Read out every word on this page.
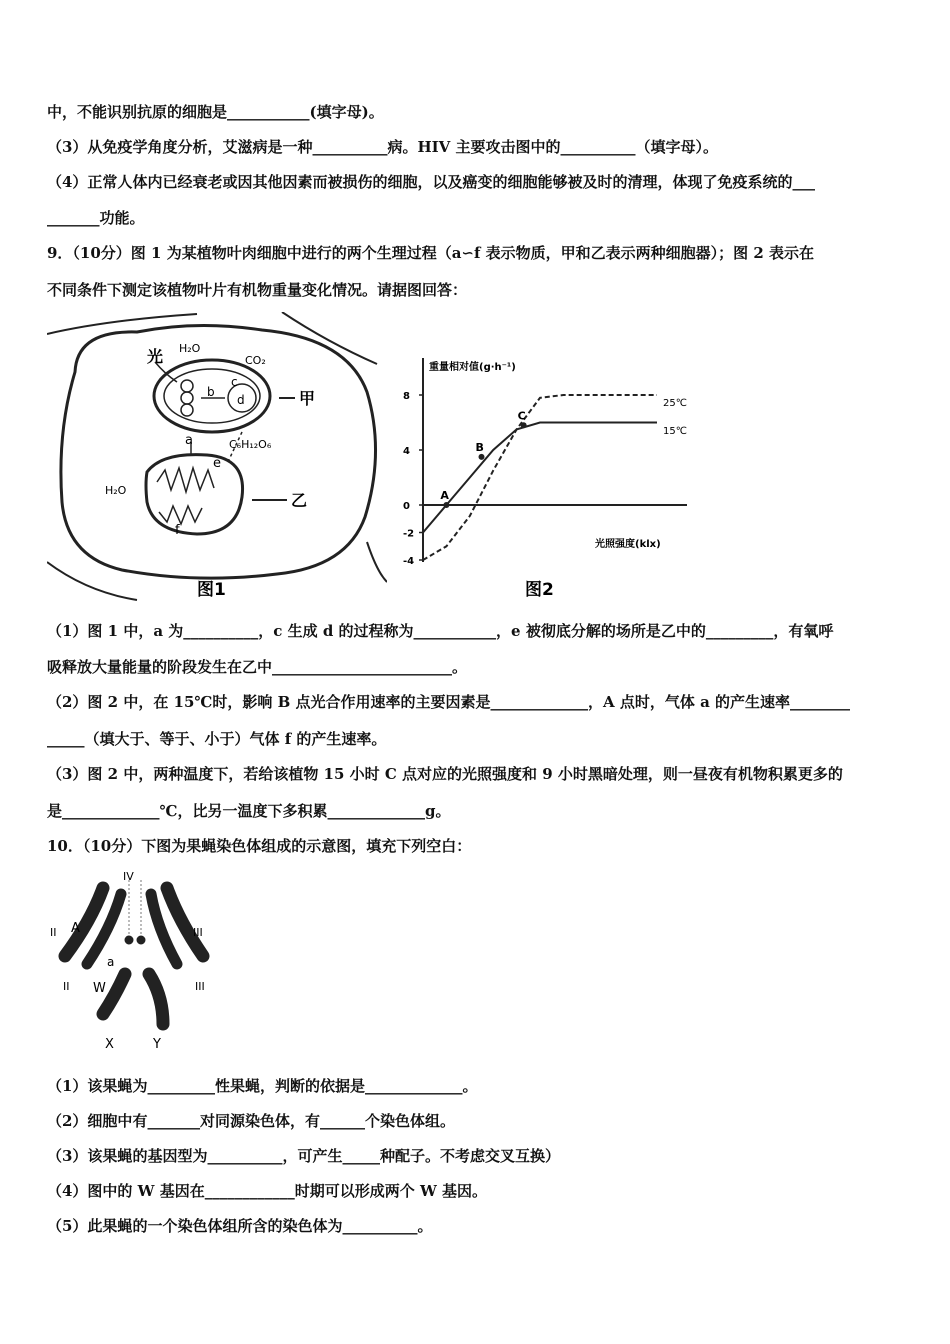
中，不能识别抗原的细胞是___________(填字母)。
（3）从免疫学角度分析，艾滋病是一种__________病。HIV 主要攻击图中的__________（填字母）。
（4）正常人体内已经衰老或因其他因素而被损伤的细胞，以及癌变的细胞能够被及时的清理，体现了免疫系统的___
_______功能。
9．（10分）图 1 为某植物叶肉细胞中进行的两个生理过程（a∽f 表示物质，甲和乙表示两种细胞器）；图 2 表示在
不同条件下测定该植物叶片有机物重量变化情况。请据图回答：
光 H₂O
CO₂
b
c
d
a	C₆H₁₂O₆
e
H₂O
f
甲
乙
图1
8
4
0
-2
-4
A
B
C
重量相对值(g·h⁻¹)
光照强度(klx)
25℃
15℃
图2
（1）图 1 中，a 为__________，c 生成 d 的过程称为___________，e 被彻底分解的场所是乙中的_________，有氧呼
吸释放大量能量的阶段发生在乙中________________________。
（2）图 2 中，在 15℃时，影响 B 点光合作用速率的主要因素是_____________，A 点时，气体 a 的产生速率________
_____（填大于、等于、小于）气体 f 的产生速率。
（3）图 2 中，两种温度下，若给该植物 15 小时 C 点对应的光照强度和 9 小时黑暗处理，则一昼夜有机物积累更多的
是_____________℃，比另一温度下多积累_____________g。
10．（10分）下图为果蝇染色体组成的示意图，填充下列空白：
IV
II	III
A
a
II W	III
X	Y
（1）该果蝇为_________性果蝇，判断的依据是_____________。
（2）细胞中有_______对同源染色体，有______个染色体组。
（3）该果蝇的基因型为__________，可产生_____种配子。不考虑交叉互换）
（4）图中的 W 基因在____________时期可以形成两个 W 基因。
（5）此果蝇的一个染色体组所含的染色体为__________。
